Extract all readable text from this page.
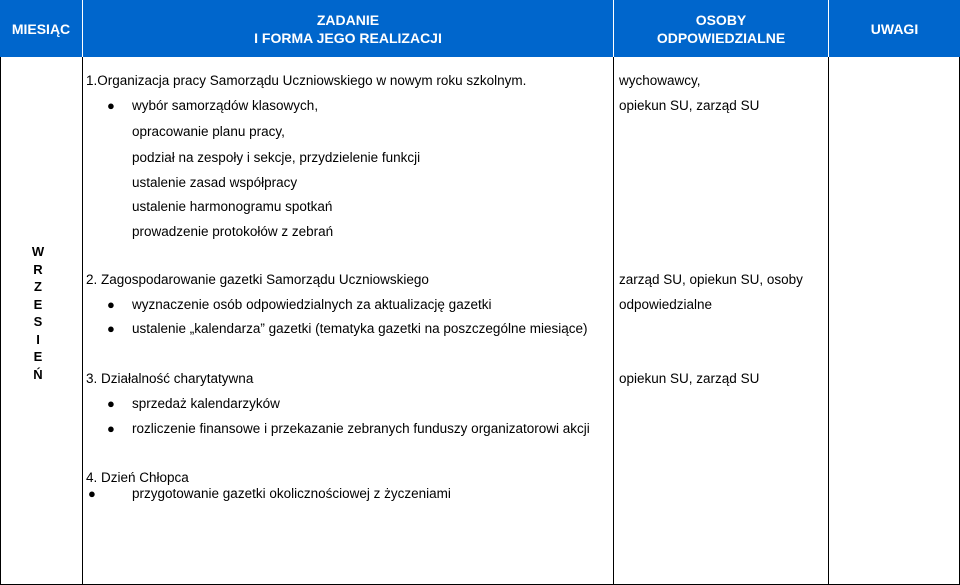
MIESIĄC
ZADANIE
I FORMA JEGO REALIZACJI
OSOBY
ODPOWIEDZIALNE
UWAGI
W
R
Z
E
S
I
E
Ń
1.Organizacja pracy Samorządu Uczniowskiego w nowym roku szkolnym.
● wybór samorządów klasowych,
opracowanie planu pracy,
podział na zespoły i sekcje, przydzielenie funkcji
ustalenie zasad współpracy
ustalenie harmonogramu spotkań
prowadzenie protokołów z zebrań
wychowawcy,
opiekun SU, zarząd SU
2. Zagospodarowanie gazetki Samorządu Uczniowskiego
● wyznaczenie osób odpowiedzialnych za aktualizację gazetki
● ustalenie „kalendarza” gazetki (tematyka gazetki na poszczególne miesiące)
zarząd SU, opiekun SU, osoby
odpowiedzialne
3. Działalność charytatywna
● sprzedaż kalendarzyków
● rozliczenie finansowe i przekazanie zebranych funduszy organizatorowi akcji
opiekun SU, zarząd SU
4. Dzień Chłopca
●	przygotowanie gazetki okolicznościowej z życzeniami
